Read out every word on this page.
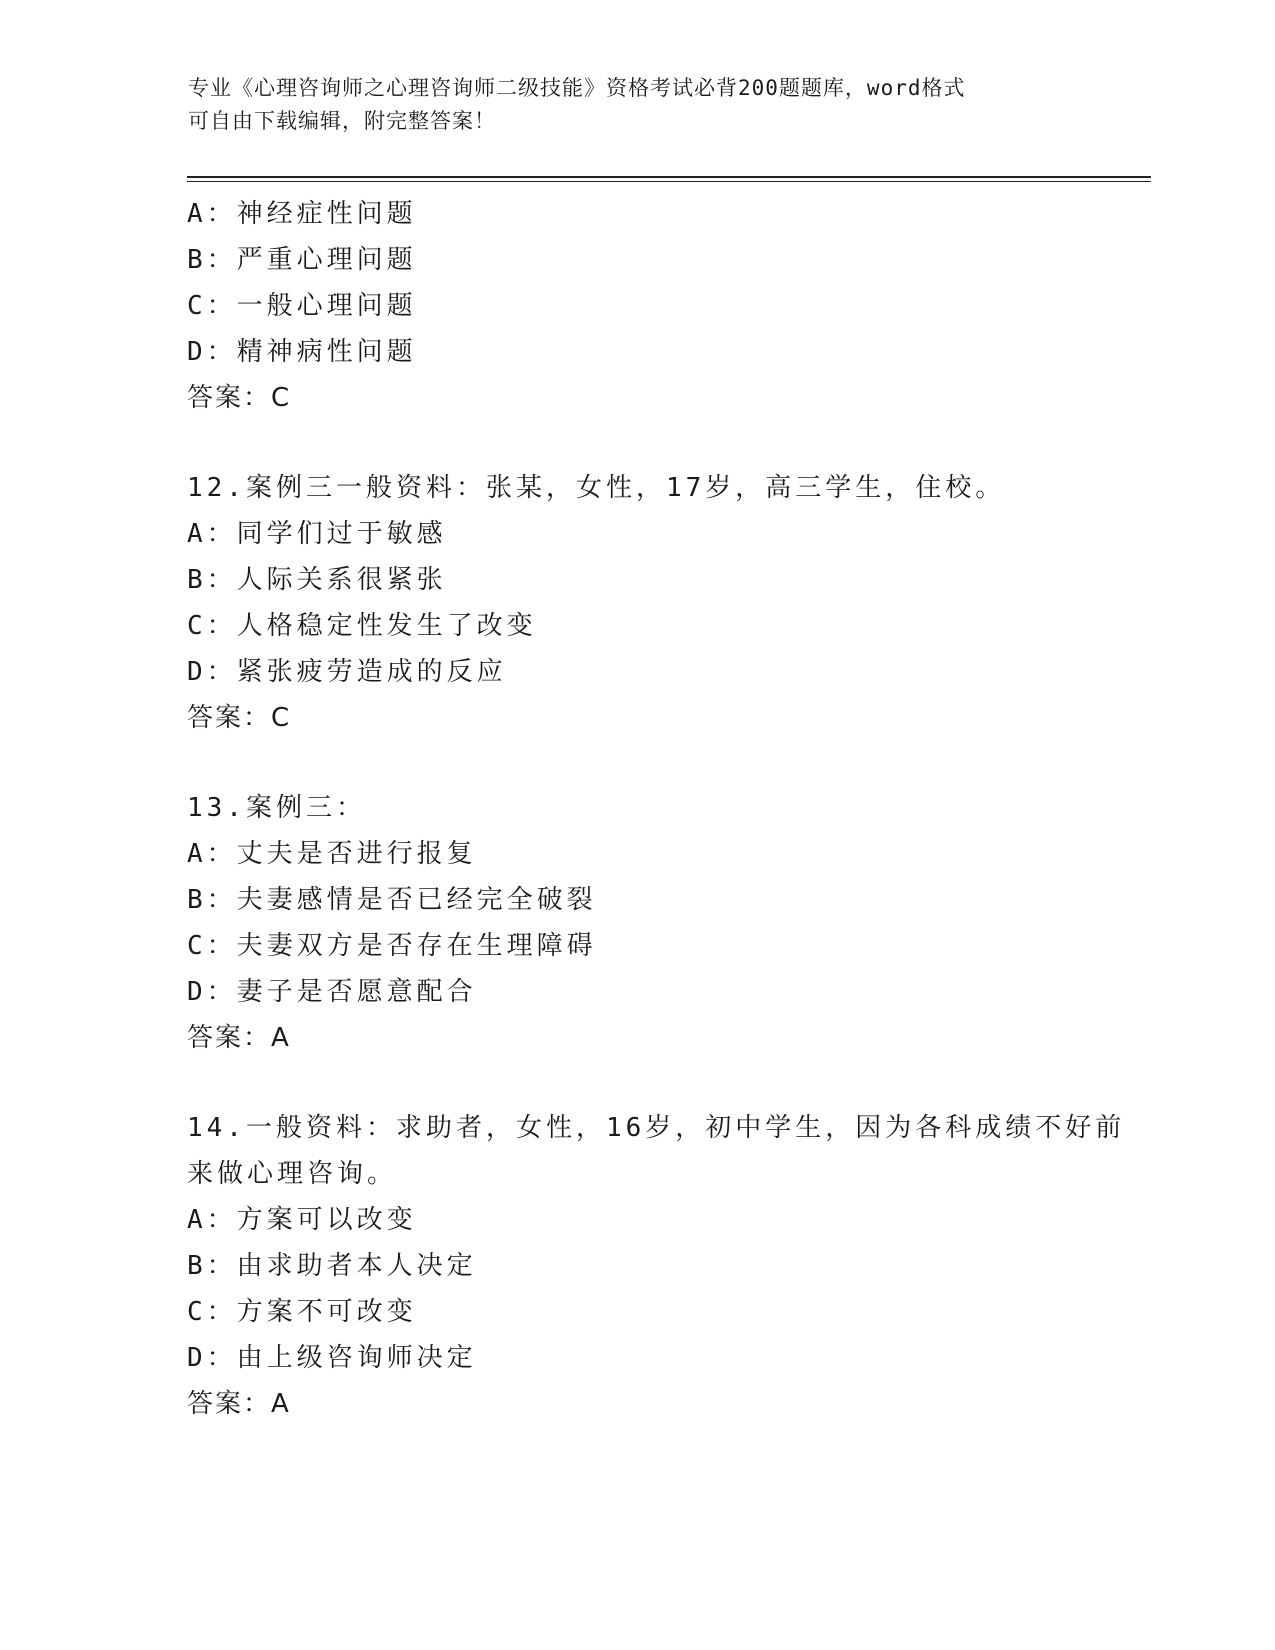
专业《心理咨询师之心理咨询师二级技能》资格考试必背200题题库，word格式
可自由下载编辑，附完整答案！
A：神经症性问题
B：严重心理问题
C：一般心理问题
D：精神病性问题
答案：C
12.案例三一般资料：张某，女性，17岁，高三学生，住校。
A：同学们过于敏感
B：人际关系很紧张
C：人格稳定性发生了改变
D：紧张疲劳造成的反应
答案：C
13.案例三：
A：丈夫是否进行报复
B：夫妻感情是否已经完全破裂
C：夫妻双方是否存在生理障碍
D：妻子是否愿意配合
答案：A
14.一般资料：求助者，女性，16岁，初中学生，因为各科成绩不好前
来做心理咨询。
A：方案可以改变
B：由求助者本人决定
C：方案不可改变
D：由上级咨询师决定
答案：A
